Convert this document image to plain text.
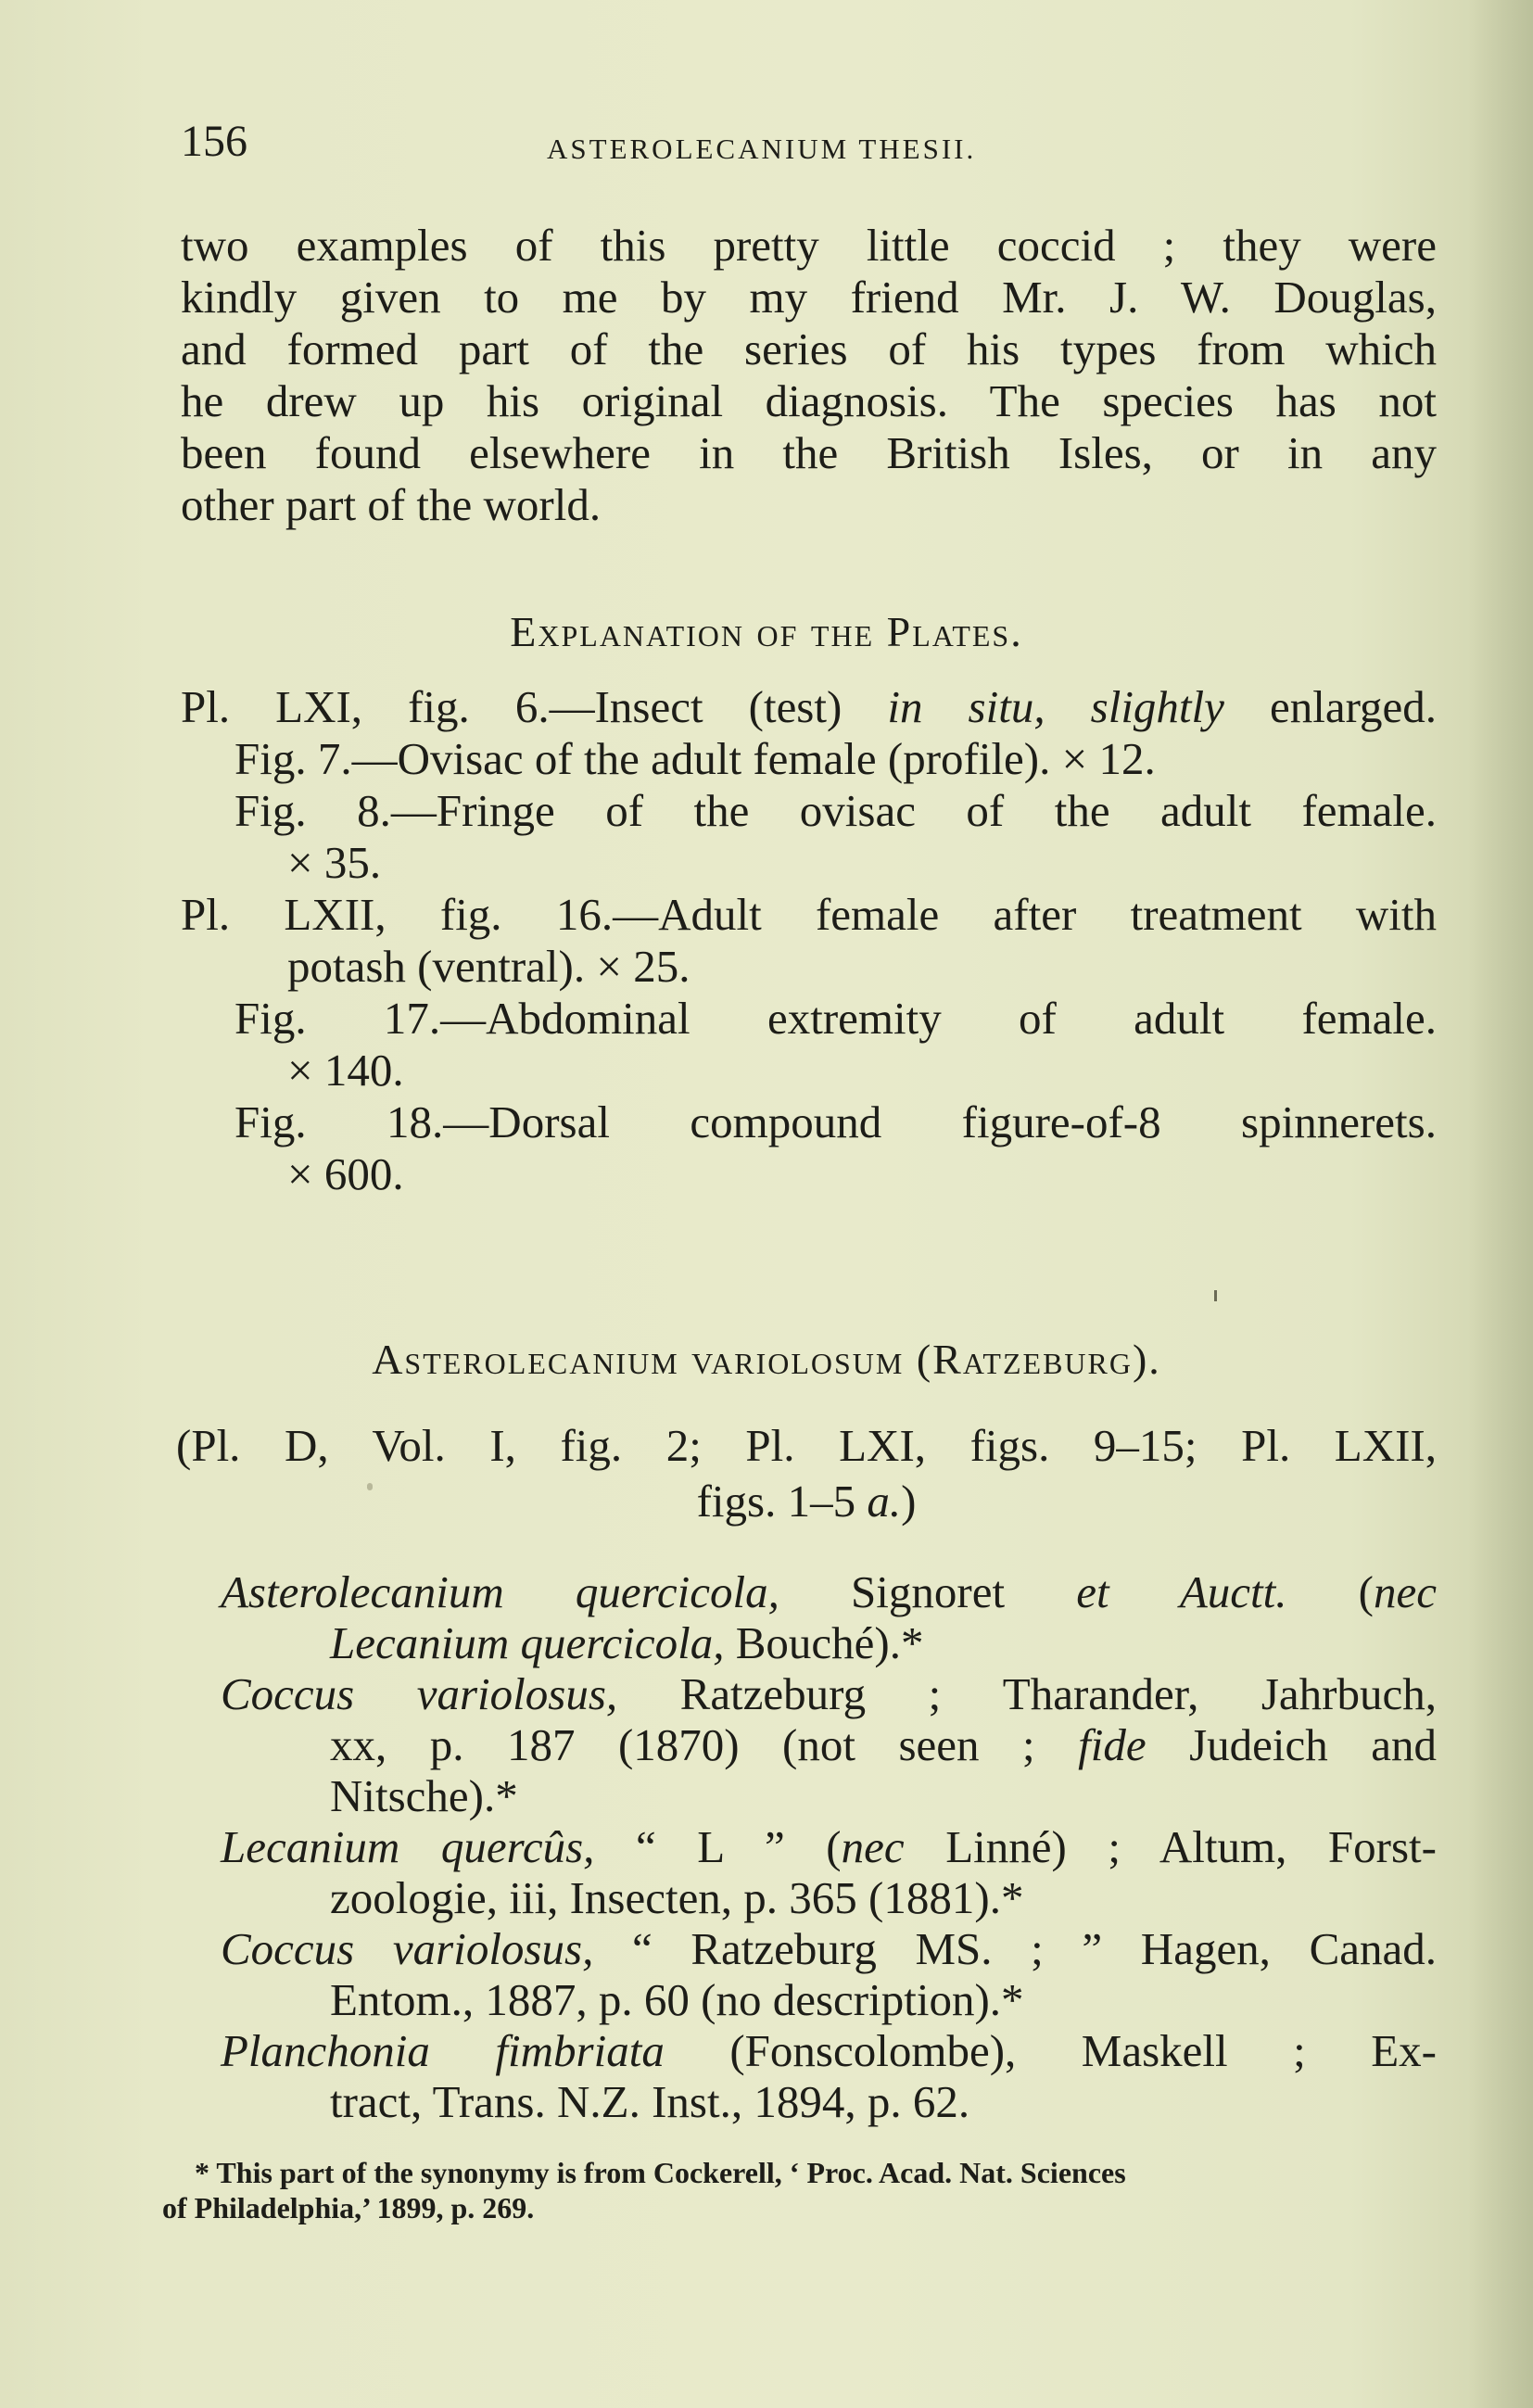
156	ASTEROLECANIUM THESII.
two examples of this pretty little coccid ; they were
kindly given to me by my friend Mr. J. W. Douglas,
and formed part of the series of his types from which
he drew up his original diagnosis. The species has not
been found elsewhere in the British Isles, or in any
other part of the world.
Explanation of the Plates.
Pl. LXI, fig. 6.—Insect (test) in situ, slightly enlarged.
Fig. 7.—Ovisac of the adult female (profile). × 12.
Fig. 8.—Fringe of the ovisac of the adult female.
× 35.
Pl. LXII, fig. 16.—Adult female after treatment with
potash (ventral). × 25.
Fig. 17.—Abdominal extremity of adult female.
× 140.
Fig. 18.—Dorsal compound figure-of-8 spinnerets.
× 600.
Asterolecanium variolosum (Ratzeburg).
(Pl. D, Vol. I, fig. 2; Pl. LXI, figs. 9–15; Pl. LXII,
figs. 1–5 a.)
Asterolecanium quercicola, Signoret et Auctt. (nec
Lecanium quercicola, Bouché).*
Coccus variolosus, Ratzeburg ; Tharander, Jahrbuch,
xx, p. 187 (1870) (not seen ; fide Judeich and
Nitsche).*
Lecanium quercûs, “ L ” (nec Linné) ; Altum, Forst-
zoologie, iii, Insecten, p. 365 (1881).*
Coccus variolosus, “ Ratzeburg MS. ; ” Hagen, Canad.
Entom., 1887, p. 60 (no description).*
Planchonia fimbriata (Fonscolombe), Maskell ; Ex-
tract, Trans. N.Z. Inst., 1894, p. 62.
* This part of the synonymy is from Cockerell, ‘ Proc. Acad. Nat. Sciences
of Philadelphia,’ 1899, p. 269.
